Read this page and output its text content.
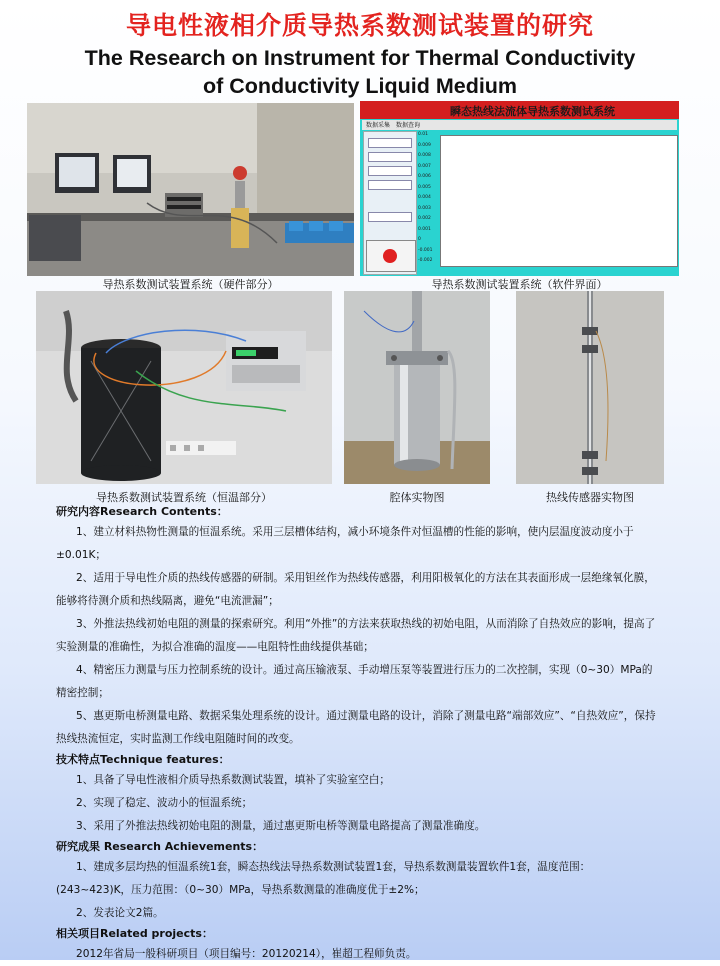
导电性液相介质导热系数测试装置的研究
The Research on Instrument for Thermal Conductivity
of Conductivity Liquid Medium
导热系数测试装置系统（硬件部分）
瞬态热线法流体导热系数测试系统
数据采集 数据查询
0.01
0.009
0.008
0.007
0.006
0.005
0.004
0.003
0.002
0.001
0
-0.001
-0.002
导热系数测试装置系统（软件界面）
导热系数测试装置系统（恒温部分）	腔体实物图	热线传感器实物图

研究内容Research Contents：

1、建立材料热物性测量的恒温系统。采用三层槽体结构，减小环境条件对恒温槽的性能的影响，使内层温度波动度小于±0.01K；

2、适用于导电性介质的热线传感器的研制。采用钽丝作为热线传感器，利用阳极氧化的方法在其表面形成一层绝缘氧化膜，能够将待测介质和热线隔离，避免“电流泄漏”；

3、外推法热线初始电阻的测量的探索研究。利用“外推”的方法来获取热线的初始电阻，从而消除了自热效应的影响，提高了实验测量的准确性，为拟合准确的温度——电阻特性曲线提供基础；

4、精密压力测量与压力控制系统的设计。通过高压输液泵、手动增压泵等装置进行压力的二次控制，实现（0~30）MPa的精密控制；

5、惠更斯电桥测量电路、数据采集处理系统的设计。通过测量电路的设计，消除了测量电路“端部效应”、“自热效应”，保持热线热流恒定，实时监测工作线电阻随时间的改变。

技术特点Technique features：

1、具备了导电性液相介质导热系数测试装置，填补了实验室空白；

2、实现了稳定、波动小的恒温系统；

3、采用了外推法热线初始电阻的测量，通过惠更斯电桥等测量电路提高了测量准确度。

研究成果 Research Achievements：

1、建成多层均热的恒温系统1套，瞬态热线法导热系数测试装置1套，导热系数测量装置软件1套，温度范围：(243~423)K，压力范围：（0~30）MPa，导热系数测量的准确度优于±2%；

2、发表论文2篇。

相关项目Related projects：

2012年省局一般科研项目（项目编号：20120214），崔超工程师负责。
